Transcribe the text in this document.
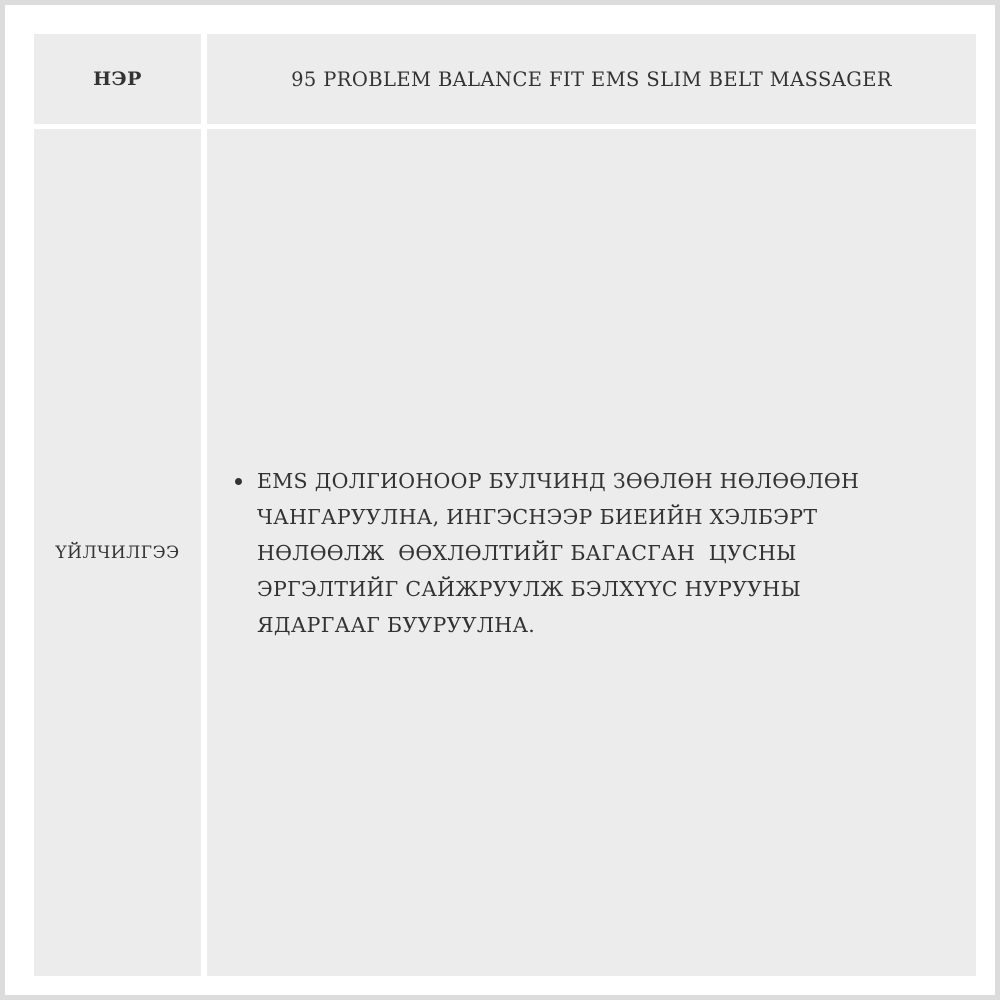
НЭР	95 PROBLEM BALANCE FIT EMS SLIM BELT MASSAGER
ҮЙЛЧИЛГЭЭ
EMS ДОЛГИОНООР БУЛЧИНД ЗӨӨЛӨН НӨЛӨӨЛӨН ЧАНГАРУУЛНА, ИНГЭСНЭЭР БИЕИЙН ХЭЛБЭРТ НӨЛӨӨЛЖ  ӨӨХЛӨЛТИЙГ БАГАСГАН  ЦУСНЫ ЭРГЭЛТИЙГ САЙЖРУУЛЖ БЭЛХҮҮС НУРУУНЫ ЯДАРГААГ БУУРУУЛНА.
